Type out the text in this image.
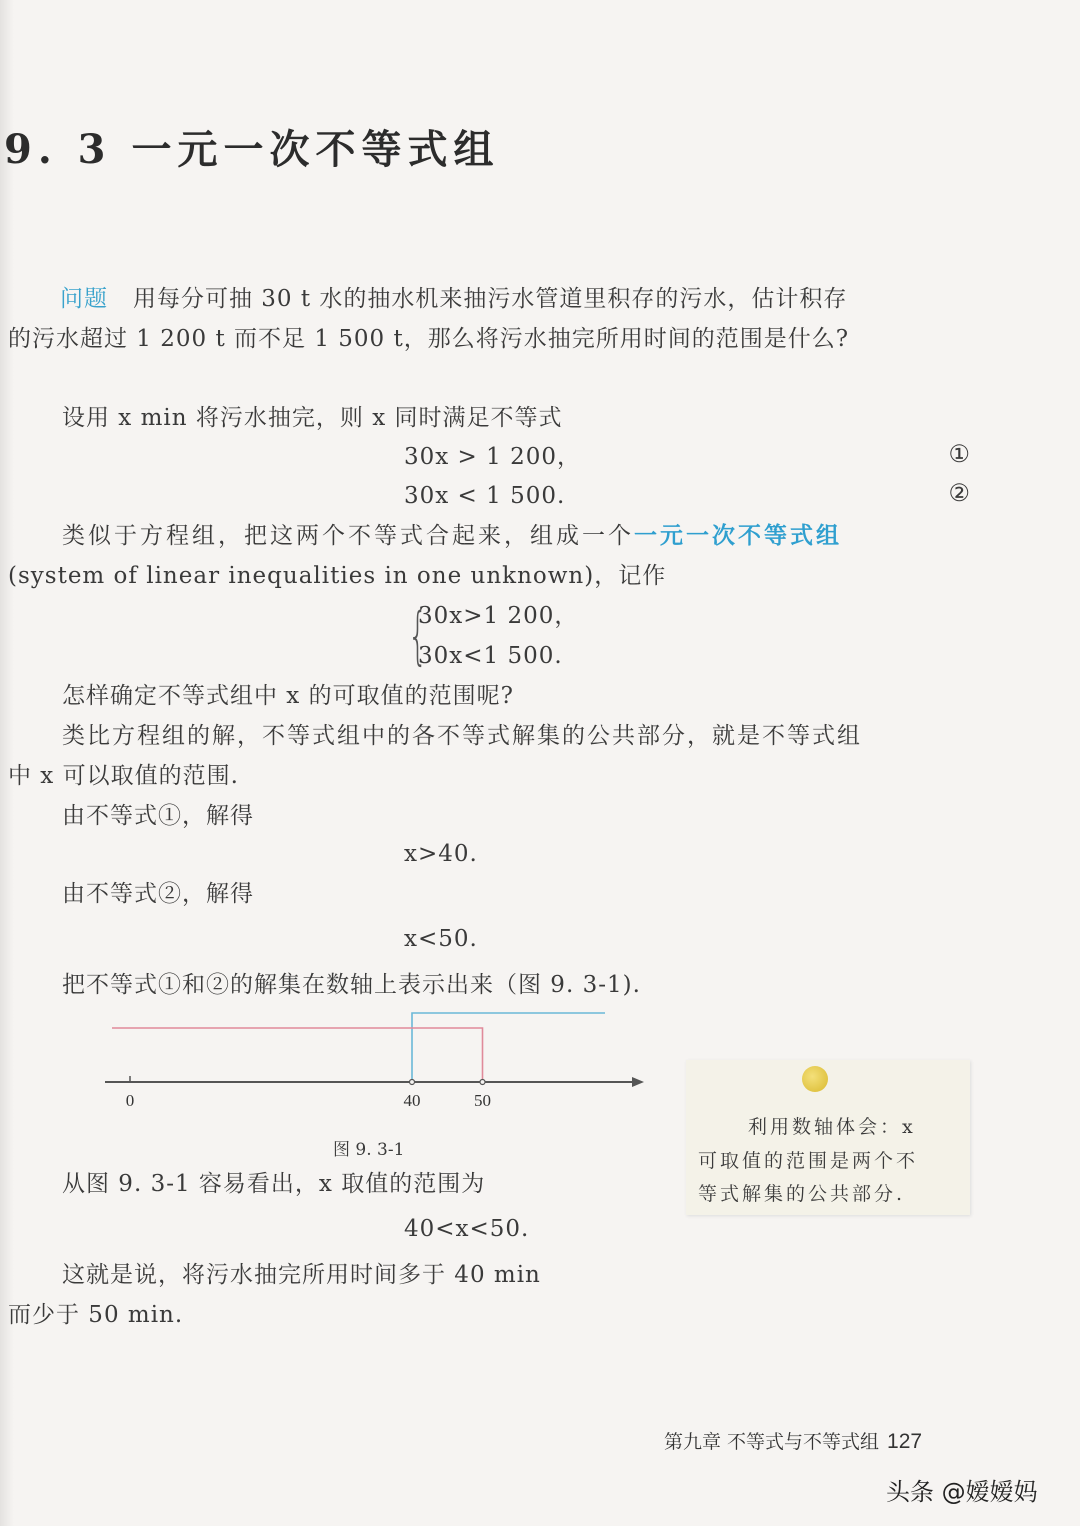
9. 3 一元一次不等式组
问题 用每分可抽 30 t 水的抽水机来抽污水管道里积存的污水，估计积存
的污水超过 1 200 t 而不足 1 500 t，那么将污水抽完所用时间的范围是什么?
设用 x min 将污水抽完，则 x 同时满足不等式
30x > 1 200，	①
30x < 1 500.	②
类似于方程组，把这两个不等式合起来，组成一个一元一次不等式组
(system of linear inequalities in one unknown)，记作
{
30x>1 200，
30x<1 500.
怎样确定不等式组中 x 的可取值的范围呢?
类比方程组的解，不等式组中的各不等式解集的公共部分，就是不等式组
中 x 可以取值的范围.
由不等式①，解得
x>40.
由不等式②，解得
x<50.
把不等式①和②的解集在数轴上表示出来（图 9. 3-1).
0	40	50
图 9. 3-1
从图 9. 3-1 容易看出，x 取值的范围为
40<x<50.
这就是说，将污水抽完所用时间多于 40 min
而少于 50 min.
利用数轴体会：x
可取值的范围是两个不
等式解集的公共部分.
第九章 不等式与不等式组 127
头条 @嫒嫒妈
